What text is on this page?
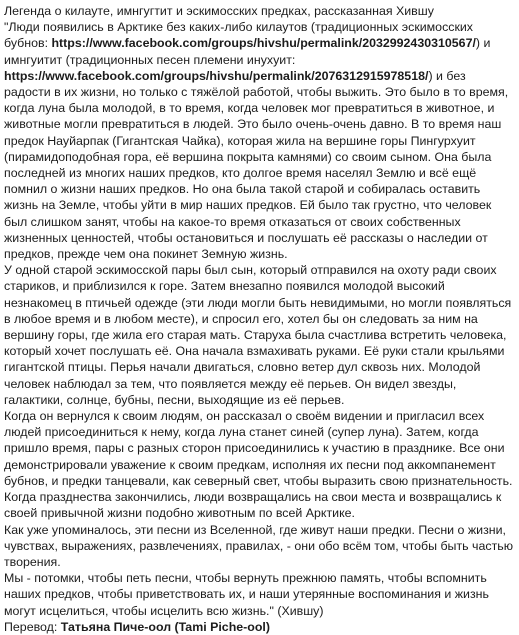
Легенда о килауте, имнгугтит и эскимосских предках, рассказанная Хившу
"Люди появились в Арктике без каких-либо килаутов (традиционных эскимосских бубнов: https://www.facebook.com/groups/hivshu/permalink/2032992430310567/) и имнгуитит (традиционных песен племени инухуит: https://www.facebook.com/groups/hivshu/permalink/2076312915978518/) и без радости в их жизни, но только с тяжёлой работой, чтобы выжить. Это было в то время, когда луна была молодой, в то время, когда человек мог превратиться в животное, и животные могли превратиться в людей. Это было очень-очень давно. В то время наш предок Науйарпак (Гигантская Чайка), которая жила на вершине горы Пингурхуит (пирамидоподобная гора, её вершина покрыта камнями) со своим сыном. Она была последней из многих наших предков, кто долгое время населял Землю и всё ещё помнил о жизни наших предков. Но она была такой старой и собиралась оставить жизнь на Земле, чтобы уйти в мир наших предков. Ей было так грустно, что человек был слишком занят, чтобы на какое-то время отказаться от своих собственных жизненных ценностей, чтобы остановиться и послушать её рассказы о наследии от предков, прежде чем она покинет Земную жизнь.

У одной старой эскимосской пары был сын, который отправился на охоту ради своих стариков, и приблизился к горе. Затем внезапно появился молодой высокий незнакомец в птичьей одежде (эти люди могли быть невидимыми, но могли появляться в любое время и в любом месте), и спросил его, хотел бы он следовать за ним на вершину горы, где жила его старая мать. Старуха была счастлива встретить человека, который хочет послушать её. Она начала взмахивать руками. Её руки стали крыльями гигантской птицы. Перья начали двигаться, словно ветер дул сквозь них. Молодой человек наблюдал за тем, что появляется между её перьев. Он видел звезды, галактики, солнце, бубны, песни, выходящие из её перьев.

Когда он вернулся к своим людям, он рассказал о своём видении и пригласил всех людей присоединиться к нему, когда луна станет синей (супер луна). Затем, когда пришло время, пары с разных сторон присоединились к участию в празднике. Все они демонстрировали уважение к своим предкам, исполняя их песни под аккомпанемент бубнов, и предки танцевали, как северный свет, чтобы выразить свою признательность.

Когда празднества закончились, люди возвращались на свои места и возвращались к своей привычной жизни подобно животным по всей Арктике.

Как уже упоминалось, эти песни из Вселенной, где живут наши предки. Песни о жизни, чувствах, выражениях, развлечениях, правилах, - они обо всём том, чтобы быть частью творения.

Мы - потомки, чтобы петь песни, чтобы вернуть прежнюю память, чтобы вспомнить наших предков, чтобы приветствовать их, и наши утерянные воспоминания и жизнь могут исцелиться, чтобы исцелить всю жизнь." (Хившу)

Перевод: Татьяна Пиче-оол (Tami Piche-ool)
